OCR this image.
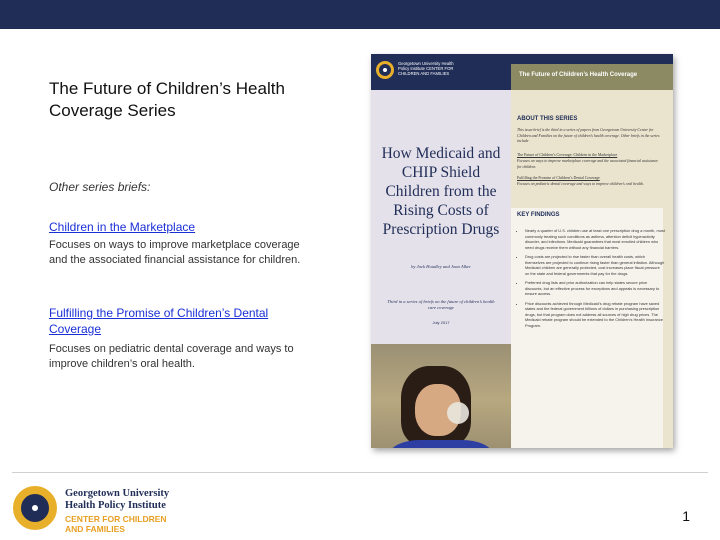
The Future of Children’s Health Coverage Series
Other series briefs:
Children in the Marketplace
Focuses on ways to improve marketplace coverage and the associated financial assistance for children.
Fulfilling the Promise of Children’s Dental Coverage
Focuses on pediatric dental coverage and ways to improve children’s oral health.
Georgetown University Health Policy Institute CENTER FOR CHILDREN AND FAMILIES	The Future of Children’s Health Coverage
How Medicaid and CHIP Shield Children from the Rising Costs of Prescription Drugs
by Jack Hoadley and Joan Alker
Third in a series of briefs on the future of children’s health care coverage
July 2017
ABOUT THIS SERIES
This issue brief is the third in a series of papers from Georgetown University Center for Children and Families on the future of children’s health coverage. Other briefs in the series include
The Future of Children’s Coverage: Children in the Marketplace
Focuses on ways to improve marketplace coverage and the associated financial assistance for children.
Fulfilling the Promise of Children’s Dental Coverage
Focuses on pediatric dental coverage and ways to improve children’s oral health.
KEY FINDINGS
• Nearly a quarter of U.S. children use at least one prescription drug a month, most commonly treating such conditions as asthma, attention deficit hyperactivity disorder, and infections. Medicaid guarantees that most enrolled children who need drugs receive them without any financial barriers.
• Drug costs are projected to rise faster than overall health costs, which themselves are projected to continue rising faster than general inflation. Although Medicaid children are generally protected, cost increases place fiscal pressure on the state and federal governments that pay for the drugs.
• Preferred drug lists and prior authorization can help states secure price discounts, but an effective process for exceptions and appeals is necessary to ensure access.
• Price discounts achieved through Medicaid’s drug rebate program have saved states and the federal government billions of dollars in purchasing prescription drugs, but that program does not address all sources of high drug prices. The Medicaid rebate program should be extended to the Children’s Health Insurance Program.
Georgetown University
Health Policy Institute
CENTER FOR CHILDREN
AND FAMILIES
1
